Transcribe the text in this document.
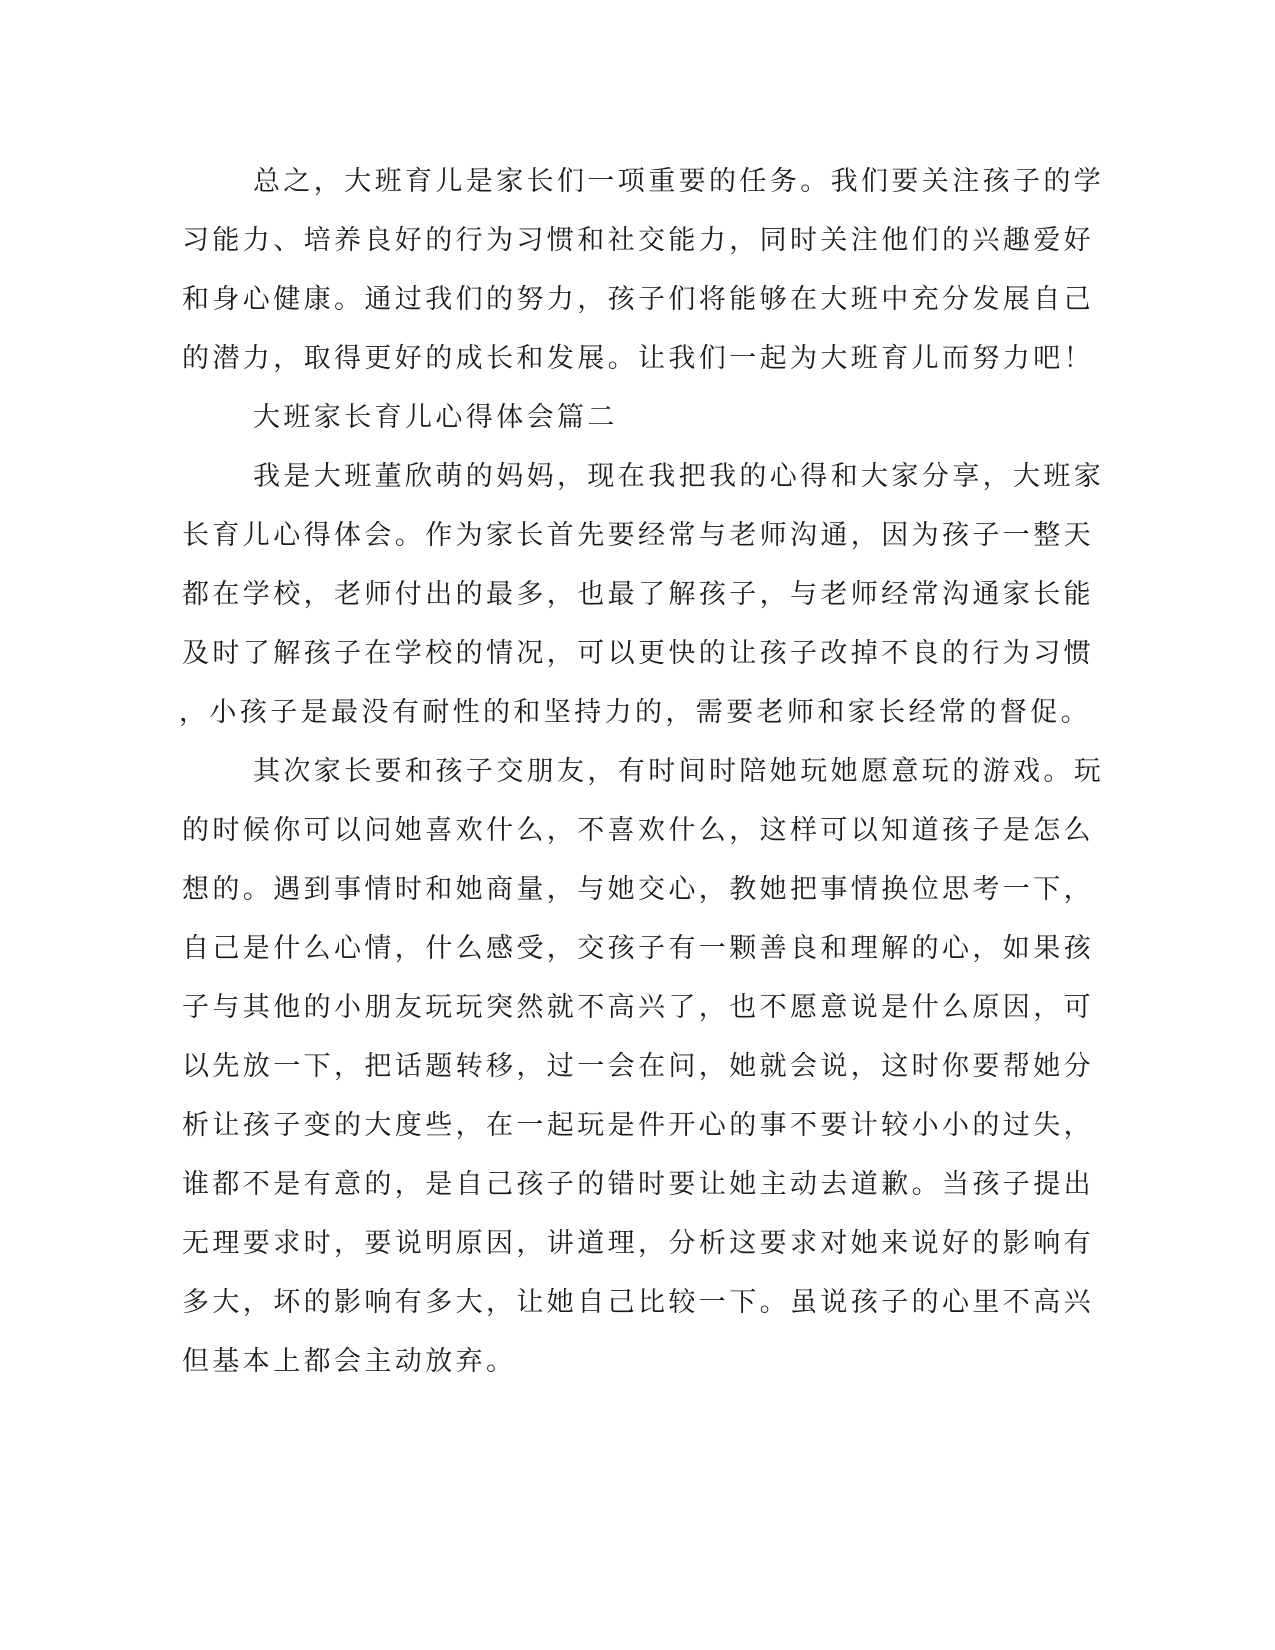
总之，大班育儿是家长们一项重要的任务。我们要关注孩子的学
习能力、培养良好的行为习惯和社交能力，同时关注他们的兴趣爱好
和身心健康。通过我们的努力，孩子们将能够在大班中充分发展自己
的潜力，取得更好的成长和发展。让我们一起为大班育儿而努力吧！
大班家长育儿心得体会篇二
我是大班董欣萌的妈妈，现在我把我的心得和大家分享，大班家
长育儿心得体会。作为家长首先要经常与老师沟通，因为孩子一整天
都在学校，老师付出的最多，也最了解孩子，与老师经常沟通家长能
及时了解孩子在学校的情况，可以更快的让孩子改掉不良的行为习惯
，小孩子是最没有耐性的和坚持力的，需要老师和家长经常的督促。
其次家长要和孩子交朋友，有时间时陪她玩她愿意玩的游戏。玩
的时候你可以问她喜欢什么，不喜欢什么，这样可以知道孩子是怎么
想的。遇到事情时和她商量，与她交心，教她把事情换位思考一下，
自己是什么心情，什么感受，交孩子有一颗善良和理解的心，如果孩
子与其他的小朋友玩玩突然就不高兴了，也不愿意说是什么原因，可
以先放一下，把话题转移，过一会在问，她就会说，这时你要帮她分
析让孩子变的大度些，在一起玩是件开心的事不要计较小小的过失，
谁都不是有意的，是自己孩子的错时要让她主动去道歉。当孩子提出
无理要求时，要说明原因，讲道理，分析这要求对她来说好的影响有
多大，坏的影响有多大，让她自己比较一下。虽说孩子的心里不高兴
但基本上都会主动放弃。
